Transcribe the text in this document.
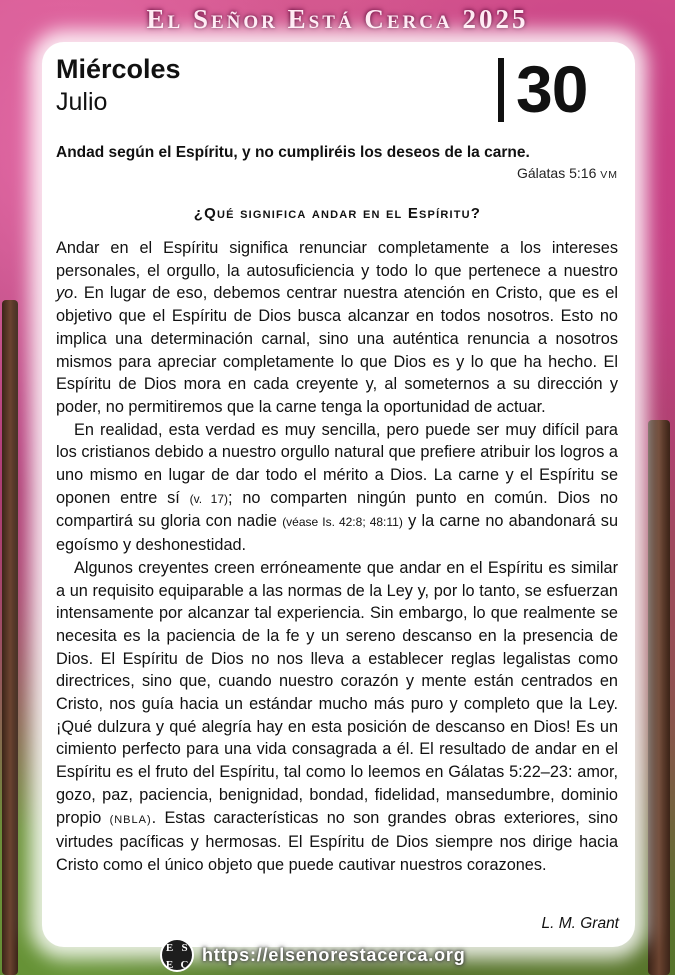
El Señor Está Cerca 2025
Miércoles
Julio	30
Andad según el Espíritu, y no cumpliréis los deseos de la carne.
Gálatas 5:16 VM
¿Qué significa andar en el Espíritu?

Andar en el Espíritu significa renunciar completamente a los intereses personales, el orgullo, la autosuficiencia y todo lo que pertenece a nuestro yo. En lugar de eso, debemos centrar nuestra atención en Cristo, que es el objetivo que el Espíritu de Dios busca alcanzar en todos nosotros. Esto no implica una determinación carnal, sino una auténtica renuncia a nosotros mismos para apreciar completamente lo que Dios es y lo que ha hecho. El Espíritu de Dios mora en cada creyente y, al someternos a su dirección y poder, no permitiremos que la carne tenga la oportunidad de actuar.

En realidad, esta verdad es muy sencilla, pero puede ser muy difícil para los cristianos debido a nuestro orgullo natural que prefiere atribuir los logros a uno mismo en lugar de dar todo el mérito a Dios. La carne y el Espíritu se oponen entre sí (v. 17); no comparten ningún punto en común. Dios no compartirá su gloria con nadie (véase Is. 42:8; 48:11) y la carne no abandonará su egoísmo y deshonestidad.

Algunos creyentes creen erróneamente que andar en el Espíritu es similar a un requisito equiparable a las normas de la Ley y, por lo tanto, se esfuerzan intensamente por alcanzar tal experiencia. Sin embargo, lo que realmente se necesita es la paciencia de la fe y un sereno descanso en la presencia de Dios. El Espíritu de Dios no nos lleva a establecer reglas legalistas como directrices, sino que, cuando nuestro corazón y mente están centrados en Cristo, nos guía hacia un estándar mucho más puro y completo que la Ley. ¡Qué dulzura y qué alegría hay en esta posición de descanso en Dios! Es un cimiento perfecto para una vida consagrada a él. El resultado de andar en el Espíritu es el fruto del Espíritu, tal como lo leemos en Gálatas 5:22–23: amor, gozo, paz, paciencia, benignidad, bondad, fidelidad, mansedumbre, dominio propio (NBLA). Estas características no son grandes obras exteriores, sino virtudes pacíficas y hermosas. El Espíritu de Dios siempre nos dirige hacia Cristo como el único objeto que puede cautivar nuestros corazones.

L. M. Grant
E S
E C
https://elsenorestacerca.org
